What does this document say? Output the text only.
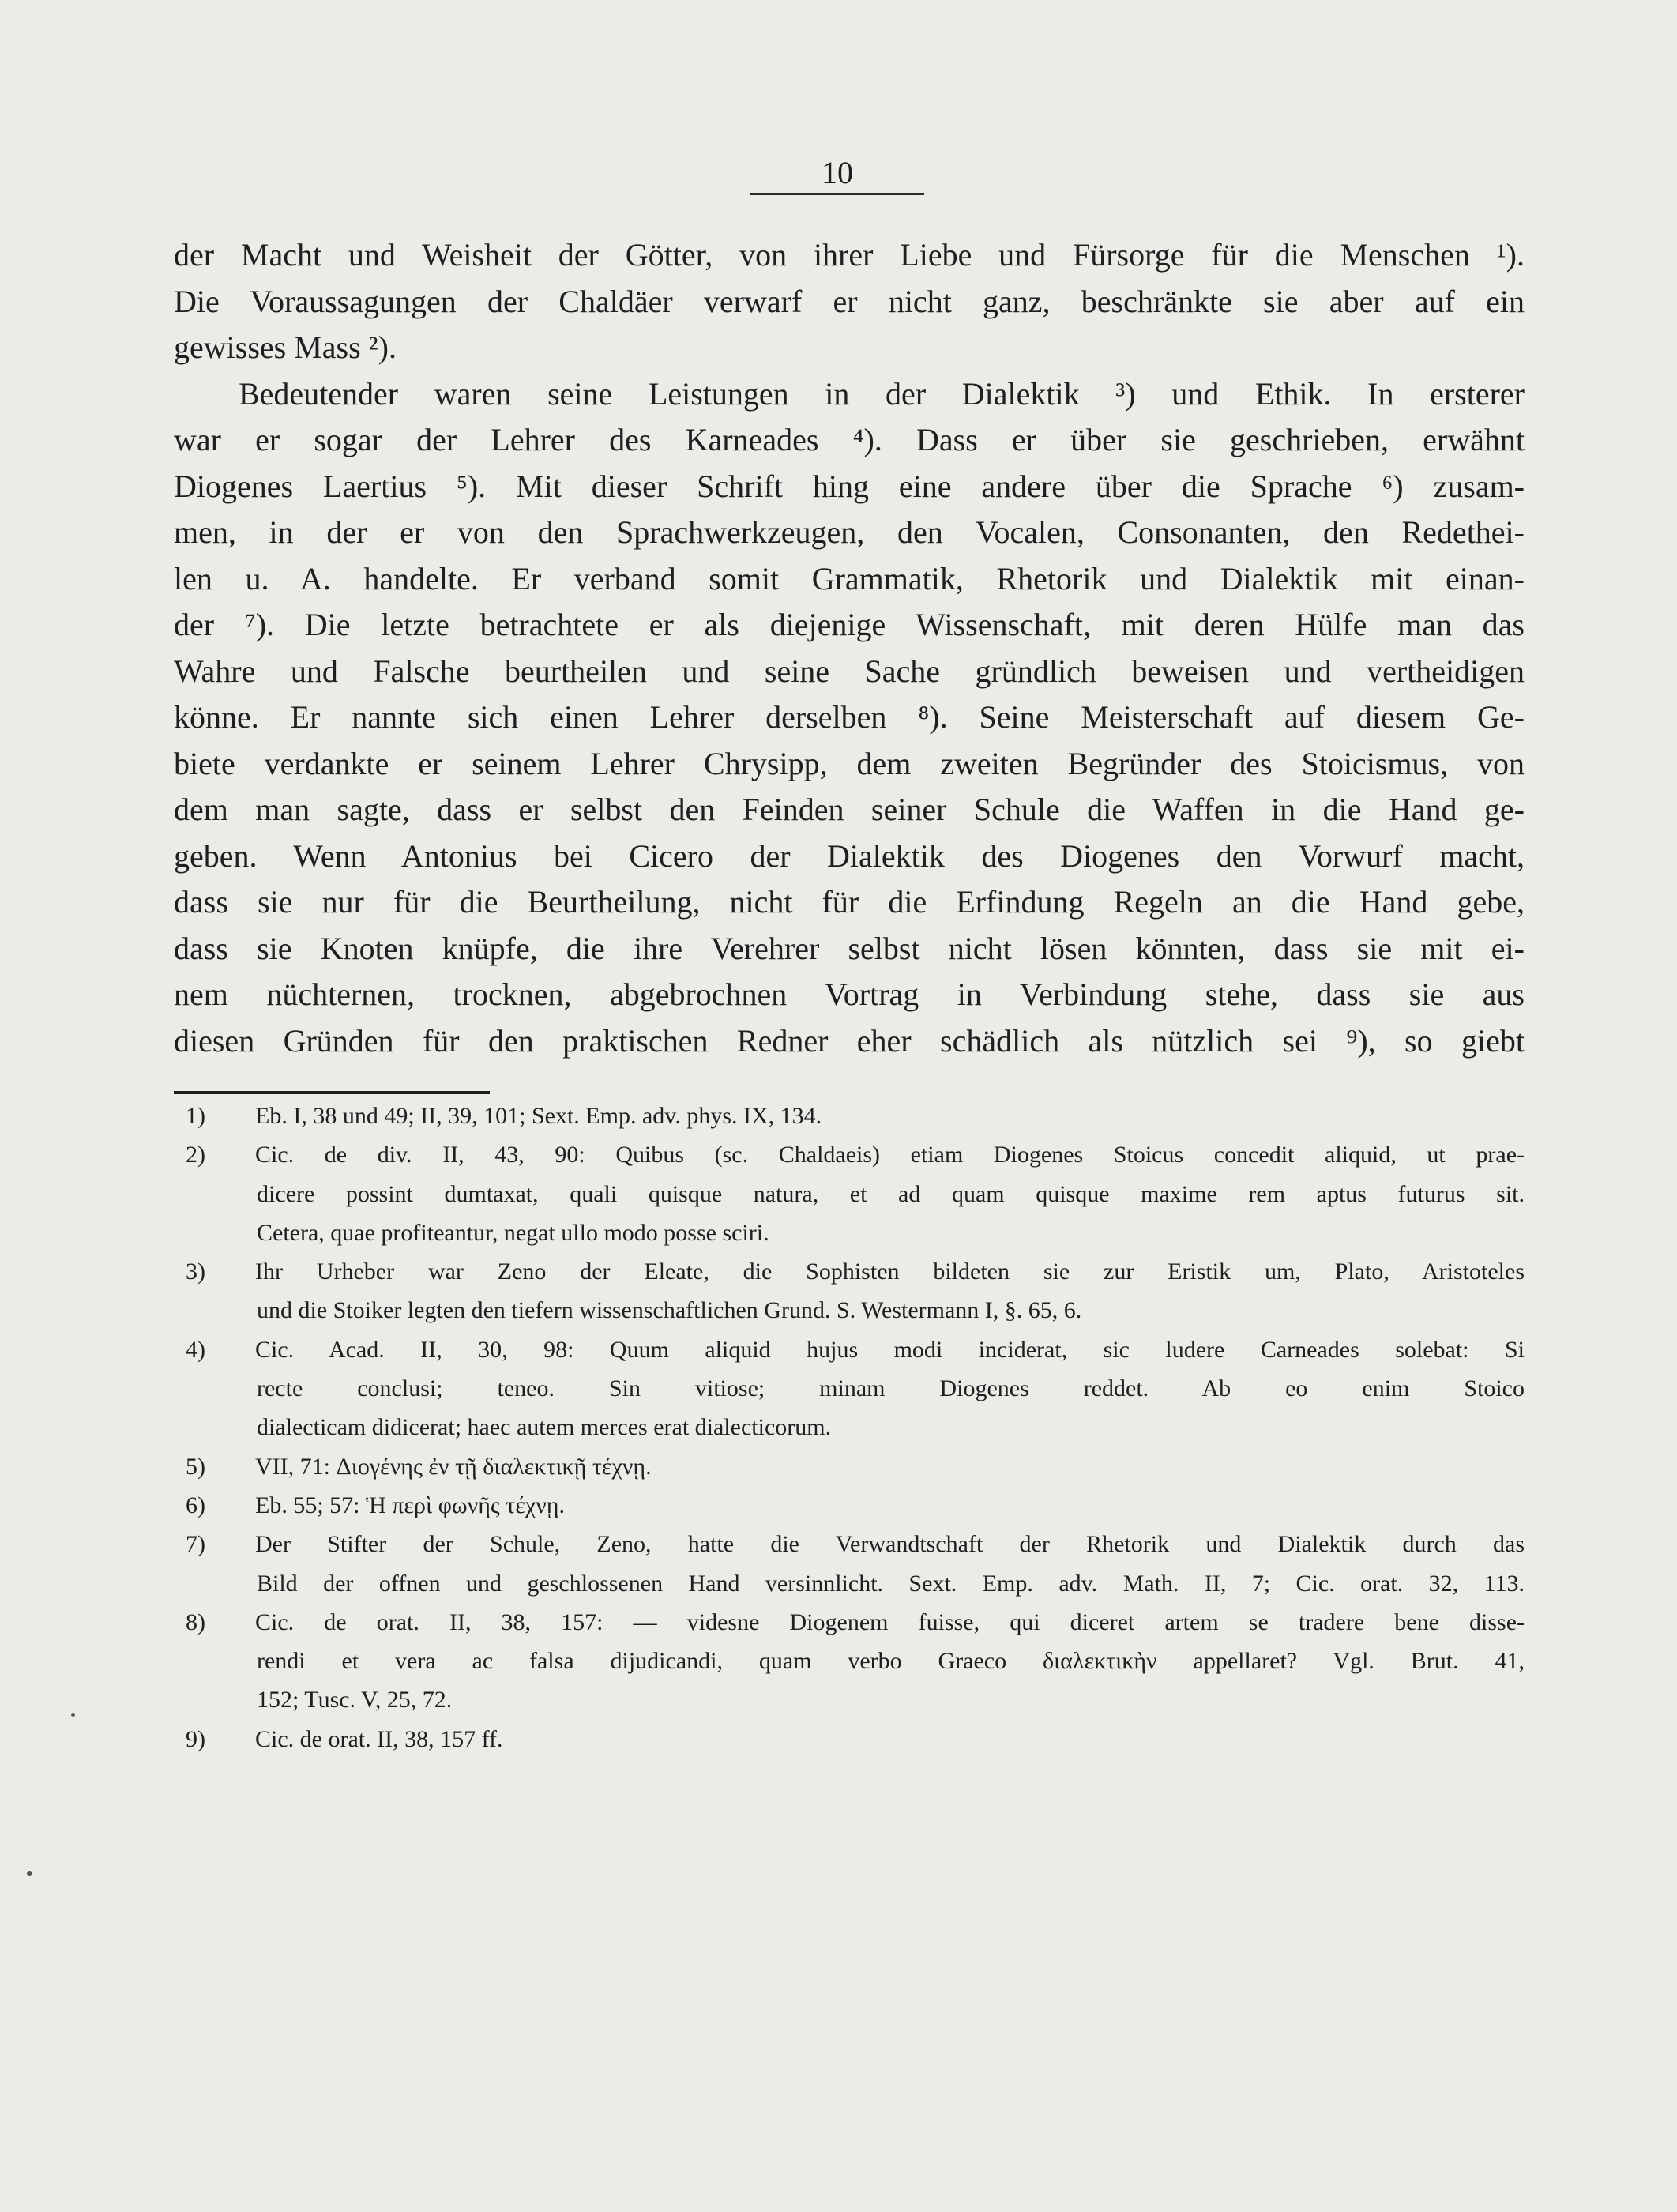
10
der Macht und Weisheit der Götter, von ihrer Liebe und Fürsorge für die Menschen ¹).
Die Voraussagungen der Chaldäer verwarf er nicht ganz, beschränkte sie aber auf ein
gewisses Mass ²).
Bedeutender waren seine Leistungen in der Dialektik ³) und Ethik. In ersterer
war er sogar der Lehrer des Karneades ⁴). Dass er über sie geschrieben, erwähnt
Diogenes Laertius ⁵). Mit dieser Schrift hing eine andere über die Sprache ⁶) zusam-
men, in der er von den Sprachwerkzeugen, den Vocalen, Consonanten, den Redethei-
len u. A. handelte. Er verband somit Grammatik, Rhetorik und Dialektik mit einan-
der ⁷). Die letzte betrachtete er als diejenige Wissenschaft, mit deren Hülfe man das
Wahre und Falsche beurtheilen und seine Sache gründlich beweisen und vertheidigen
könne. Er nannte sich einen Lehrer derselben ⁸). Seine Meisterschaft auf diesem Ge-
biete verdankte er seinem Lehrer Chrysipp, dem zweiten Begründer des Stoicismus, von
dem man sagte, dass er selbst den Feinden seiner Schule die Waffen in die Hand ge-
geben. Wenn Antonius bei Cicero der Dialektik des Diogenes den Vorwurf macht,
dass sie nur für die Beurtheilung, nicht für die Erfindung Regeln an die Hand gebe,
dass sie Knoten knüpfe, die ihre Verehrer selbst nicht lösen könnten, dass sie mit ei-
nem nüchternen, trocknen, abgebrochnen Vortrag in Verbindung stehe, dass sie aus
diesen Gründen für den praktischen Redner eher schädlich als nützlich sei ⁹), so giebt
1) Eb. I, 38 und 49; II, 39, 101; Sext. Emp. adv. phys. IX, 134.
2) Cic. de div. II, 43, 90: Quibus (sc. Chaldaeis) etiam Diogenes Stoicus concedit aliquid, ut prae-
dicere possint dumtaxat, quali quisque natura, et ad quam quisque maxime rem aptus futurus sit.
Cetera, quae profiteantur, negat ullo modo posse sciri.
3) Ihr Urheber war Zeno der Eleate, die Sophisten bildeten sie zur Eristik um, Plato, Aristoteles
und die Stoiker legten den tiefern wissenschaftlichen Grund. S. Westermann I, §. 65, 6.
4) Cic. Acad. II, 30, 98: Quum aliquid hujus modi inciderat, sic ludere Carneades solebat: Si
recte conclusi; teneo. Sin vitiose; minam Diogenes reddet. Ab eo enim Stoico
dialecticam didicerat; haec autem merces erat dialecticorum.
5) VII, 71: Διογένης ἐν τῇ διαλεκτικῇ τέχνῃ.
6) Eb. 55; 57: Ἡ περὶ φωνῆς τέχνῃ.
7) Der Stifter der Schule, Zeno, hatte die Verwandtschaft der Rhetorik und Dialektik durch das
Bild der offnen und geschlossenen Hand versinnlicht. Sext. Emp. adv. Math. II, 7; Cic. orat. 32, 113.
8) Cic. de orat. II, 38, 157: — videsne Diogenem fuisse, qui diceret artem se tradere bene disse-
rendi et vera ac falsa dijudicandi, quam verbo Graeco διαλεκτικὴν appellaret? Vgl. Brut. 41,
152; Tusc. V, 25, 72.
9) Cic. de orat. II, 38, 157 ff.
